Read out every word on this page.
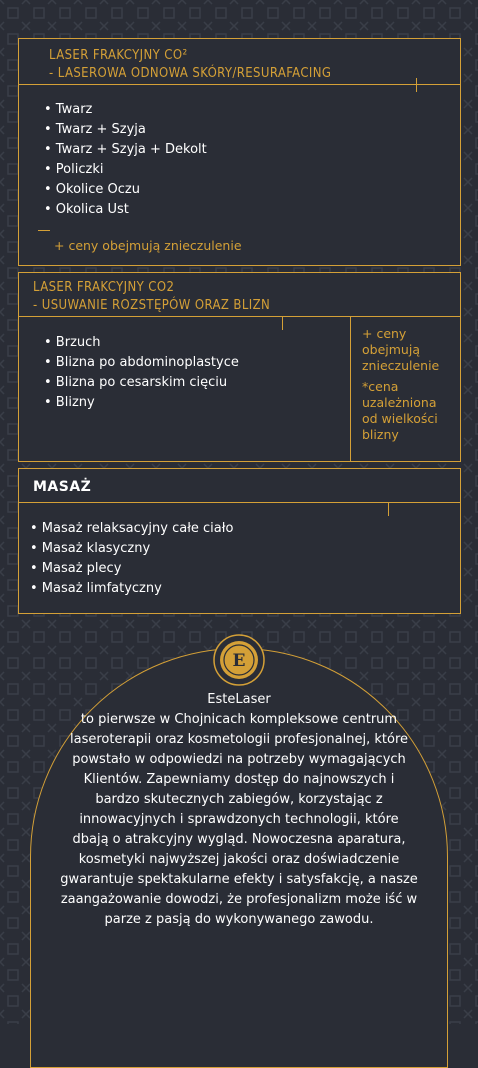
LASER FRAKCYJNY CO²
- LASEROWA ODNOWA SKÓRY/RESURAFACING
• Twarz
• Twarz + Szyja
• Twarz + Szyja + Dekolt
• Policzki
• Okolice Oczu
• Okolica Ust
+ ceny obejmują znieczulenie
LASER FRAKCYJNY CO2
- USUWANIE ROZSTĘPÓW ORAZ BLIZN
• Brzuch
• Blizna po abdominoplastyce
• Blizna po cesarskim cięciu
• Blizny
+ ceny obejmują znieczulenie
*cena uzależniona od wielkości blizny
MASAŻ
• Masaż relaksacyjny całe ciało
• Masaż klasyczny
• Masaż plecy
• Masaż limfatyczny
E
EsteLaser
to pierwsze w Chojnicach kompleksowe centrum laseroterapii oraz kosmetologii profesjonalnej, które powstało w odpowiedzi na potrzeby wymagających Klientów. Zapewniamy dostęp do najnowszych i bardzo skutecznych zabiegów, korzystając z innowacyjnych i sprawdzonych technologii, które dbają o atrakcyjny wygląd. Nowoczesna aparatura, kosmetyki najwyższej jakości oraz doświadczenie gwarantuje spektakularne efekty i satysfakcję, a nasze zaangażowanie dowodzi, że profesjonalizm może iść w parze z pasją do wykonywanego zawodu.
